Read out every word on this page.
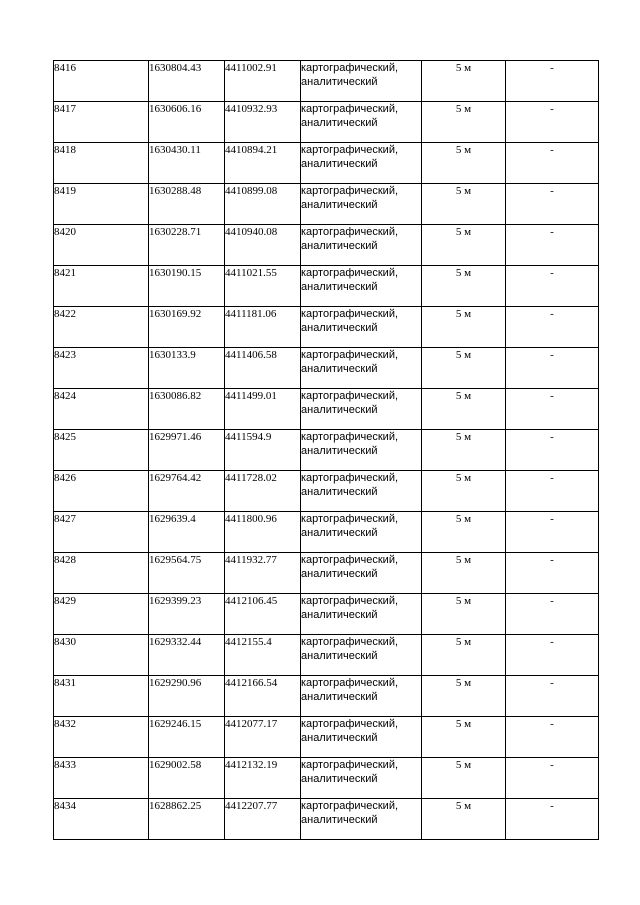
8416	1630804.43	4411002.91	картографический, аналитический	5 м	-
8417	1630606.16	4410932.93	картографический, аналитический	5 м	-
8418	1630430.11	4410894.21	картографический, аналитический	5 м	-
8419	1630288.48	4410899.08	картографический, аналитический	5 м	-
8420	1630228.71	4410940.08	картографический, аналитический	5 м	-
8421	1630190.15	4411021.55	картографический, аналитический	5 м	-
8422	1630169.92	4411181.06	картографический, аналитический	5 м	-
8423	1630133.9	4411406.58	картографический, аналитический	5 м	-
8424	1630086.82	4411499.01	картографический, аналитический	5 м	-
8425	1629971.46	4411594.9	картографический, аналитический	5 м	-
8426	1629764.42	4411728.02	картографический, аналитический	5 м	-
8427	1629639.4	4411800.96	картографический, аналитический	5 м	-
8428	1629564.75	4411932.77	картографический, аналитический	5 м	-
8429	1629399.23	4412106.45	картографический, аналитический	5 м	-
8430	1629332.44	4412155.4	картографический, аналитический	5 м	-
8431	1629290.96	4412166.54	картографический, аналитический	5 м	-
8432	1629246.15	4412077.17	картографический, аналитический	5 м	-
8433	1629002.58	4412132.19	картографический, аналитический	5 м	-
8434	1628862.25	4412207.77	картографический, аналитический	5 м	-
